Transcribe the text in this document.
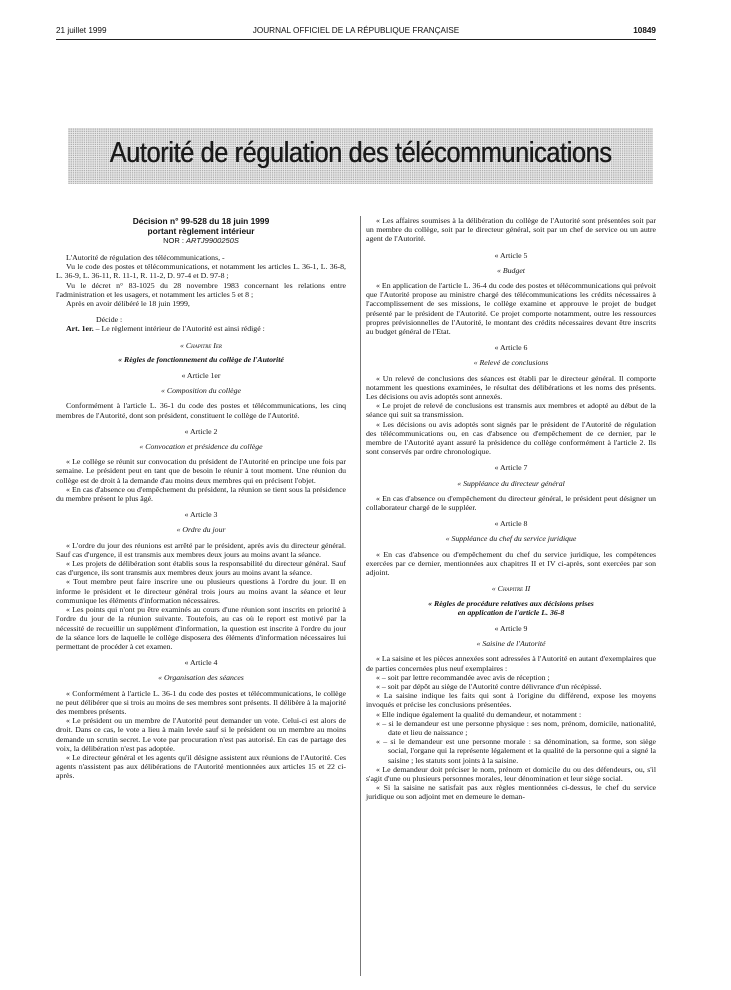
21 juillet 1999	JOURNAL OFFICIEL DE LA RÉPUBLIQUE FRANÇAISE	10849
Autorité de régulation des télécommunications
Décision n° 99-528 du 18 juin 1999
portant règlement intérieur
NOR : ARTJ9900250S

L'Autorité de régulation des télécommunications, -

Vu le code des postes et télécommunications, et notamment les articles L. 36-1, L. 36-8, L. 36-9, L. 36-11, R. 11-1, R. 11-2, D. 97-4 et D. 97-8 ;

Vu le décret n° 83-1025 du 28 novembre 1983 concernant les relations entre l'administration et les usagers, et notamment les articles 5 et 8 ;

Après en avoir délibéré le 18 juin 1999,

Décide :

Art. 1er. – Le règlement intérieur de l'Autorité est ainsi rédigé :

« Chapitre Ier
« Règles de fonctionnement du collège de l'Autorité
« Article 1er
« Composition du collège

Conformément à l'article L. 36-1 du code des postes et télécommunications, les cinq membres de l'Autorité, dont son président, constituent le collège de l'Autorité.

« Article 2
« Convocation et présidence du collège

« Le collège se réunit sur convocation du président de l'Autorité en principe une fois par semaine. Le président peut en tant que de besoin le réunir à tout moment. Une réunion du collège est de droit à la demande d'au moins deux membres qui en précisent l'objet.

« En cas d'absence ou d'empêchement du président, la réunion se tient sous la présidence du membre présent le plus âgé.

« Article 3
« Ordre du jour

« L'ordre du jour des réunions est arrêté par le président, après avis du directeur général. Sauf cas d'urgence, il est transmis aux membres deux jours au moins avant la séance.

« Les projets de délibération sont établis sous la responsabilité du directeur général. Sauf cas d'urgence, ils sont transmis aux membres deux jours au moins avant la séance.

« Tout membre peut faire inscrire une ou plusieurs questions à l'ordre du jour. Il en informe le président et le directeur général trois jours au moins avant la séance et leur communique les éléments d'information nécessaires.

« Les points qui n'ont pu être examinés au cours d'une réunion sont inscrits en priorité à l'ordre du jour de la réunion suivante. Toutefois, au cas où le report est motivé par la nécessité de recueillir un supplément d'information, la question est inscrite à l'ordre du jour de la séance lors de laquelle le collège disposera des éléments d'information nécessaires lui permettant de procéder à cet examen.

« Article 4
« Organisation des séances

« Conformément à l'article L. 36-1 du code des postes et télécommunications, le collège ne peut délibérer que si trois au moins de ses membres sont présents. Il délibère à la majorité des membres présents.

« Le président ou un membre de l'Autorité peut demander un vote. Celui-ci est alors de droit. Dans ce cas, le vote a lieu à main levée sauf si le président ou un membre au moins demande un scrutin secret. Le vote par procuration n'est pas autorisé. En cas de partage des voix, la délibération n'est pas adoptée.

« Le directeur général et les agents qu'il désigne assistent aux réunions de l'Autorité. Ces agents n'assistent pas aux délibérations de l'Autorité mentionnées aux articles 15 et 22 ci-après.

« Les affaires soumises à la délibération du collège de l'Autorité sont présentées soit par un membre du collège, soit par le directeur général, soit par un chef de service ou un autre agent de l'Autorité.

« Article 5
« Budget

« En application de l'article L. 36-4 du code des postes et télécommunications qui prévoit que l'Autorité propose au ministre chargé des télécommunications les crédits nécessaires à l'accomplissement de ses missions, le collège examine et approuve le projet de budget présenté par le président de l'Autorité. Ce projet comporte notamment, outre les ressources propres prévisionnelles de l'Autorité, le montant des crédits nécessaires devant être inscrits au budget général de l'Etat.

« Article 6
« Relevé de conclusions

« Un relevé de conclusions des séances est établi par le directeur général. Il comporte notamment les questions examinées, le résultat des délibérations et les noms des présents. Les décisions ou avis adoptés sont annexés.

« Le projet de relevé de conclusions est transmis aux membres et adopté au début de la séance qui suit sa transmission.

« Les décisions ou avis adoptés sont signés par le président de l'Autorité de régulation des télécommunications ou, en cas d'absence ou d'empêchement de ce dernier, par le membre de l'Autorité ayant assuré la présidence du collège conformément à l'article 2. Ils sont conservés par ordre chronologique.

« Article 7
« Suppléance du directeur général

« En cas d'absence ou d'empêchement du directeur général, le président peut désigner un collaborateur chargé de le suppléer.

« Article 8
« Suppléance du chef du service juridique

« En cas d'absence ou d'empêchement du chef du service juridique, les compétences exercées par ce dernier, mentionnées aux chapitres II et IV ci-après, sont exercées par son adjoint.

« Chapitre II
« Règles de procédure relatives aux décisions prises
en application de l'article L. 36-8
« Article 9
« Saisine de l'Autorité

« La saisine et les pièces annexées sont adressées à l'Autorité en autant d'exemplaires que de parties concernées plus neuf exemplaires :

« – soit par lettre recommandée avec avis de réception ;
« – soit par dépôt au siège de l'Autorité contre délivrance d'un récépissé.

« La saisine indique les faits qui sont à l'origine du différend, expose les moyens invoqués et précise les conclusions présentées.

« Elle indique également la qualité du demandeur, et notamment :

« – si le demandeur est une personne physique : ses nom, prénom, domicile, nationalité, date et lieu de naissance ;
« – si le demandeur est une personne morale : sa dénomination, sa forme, son siège social, l'organe qui la représente légalement et la qualité de la personne qui a signé la saisine ; les statuts sont joints à la saisine.

« Le demandeur doit préciser le nom, prénom et domicile du ou des défendeurs, ou, s'il s'agit d'une ou plusieurs personnes morales, leur dénomination et leur siège social.

« Si la saisine ne satisfait pas aux règles mentionnées ci-dessus, le chef du service juridique ou son adjoint met en demeure le deman-
